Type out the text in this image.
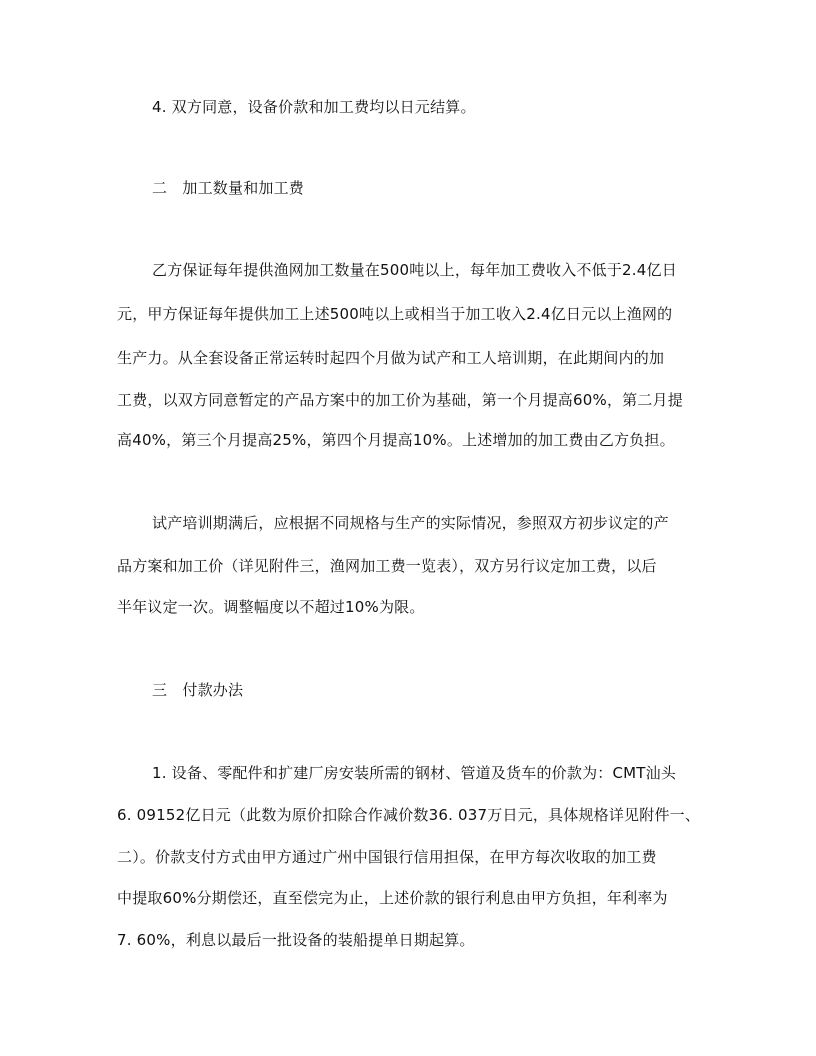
4. 双方同意，设备价款和加工费均以日元结算。
二　加工数量和加工费
乙方保证每年提供渔网加工数量在500吨以上，每年加工费收入不低于2.4亿日
元，甲方保证每年提供加工上述500吨以上或相当于加工收入2.4亿日元以上渔网的
生产力。从全套设备正常运转时起四个月做为试产和工人培训期，在此期间内的加
工费，以双方同意暂定的产品方案中的加工价为基础，第一个月提高60%，第二月提
高40%，第三个月提高25%，第四个月提高10%。上述增加的加工费由乙方负担。
试产培训期满后，应根据不同规格与生产的实际情况，参照双方初步议定的产
品方案和加工价（详见附件三，渔网加工费一览表），双方另行议定加工费，以后
半年议定一次。调整幅度以不超过10%为限。
三　付款办法
1. 设备、零配件和扩建厂房安装所需的钢材、管道及货车的价款为：CMT汕头
6. 09152亿日元（此数为原价扣除合作减价数36. 037万日元，具体规格详见附件一、
二）。价款支付方式由甲方通过广州中国银行信用担保，在甲方每次收取的加工费
中提取60%分期偿还，直至偿完为止，上述价款的银行利息由甲方负担，年利率为
7. 60%，利息以最后一批设备的装船提单日期起算。
